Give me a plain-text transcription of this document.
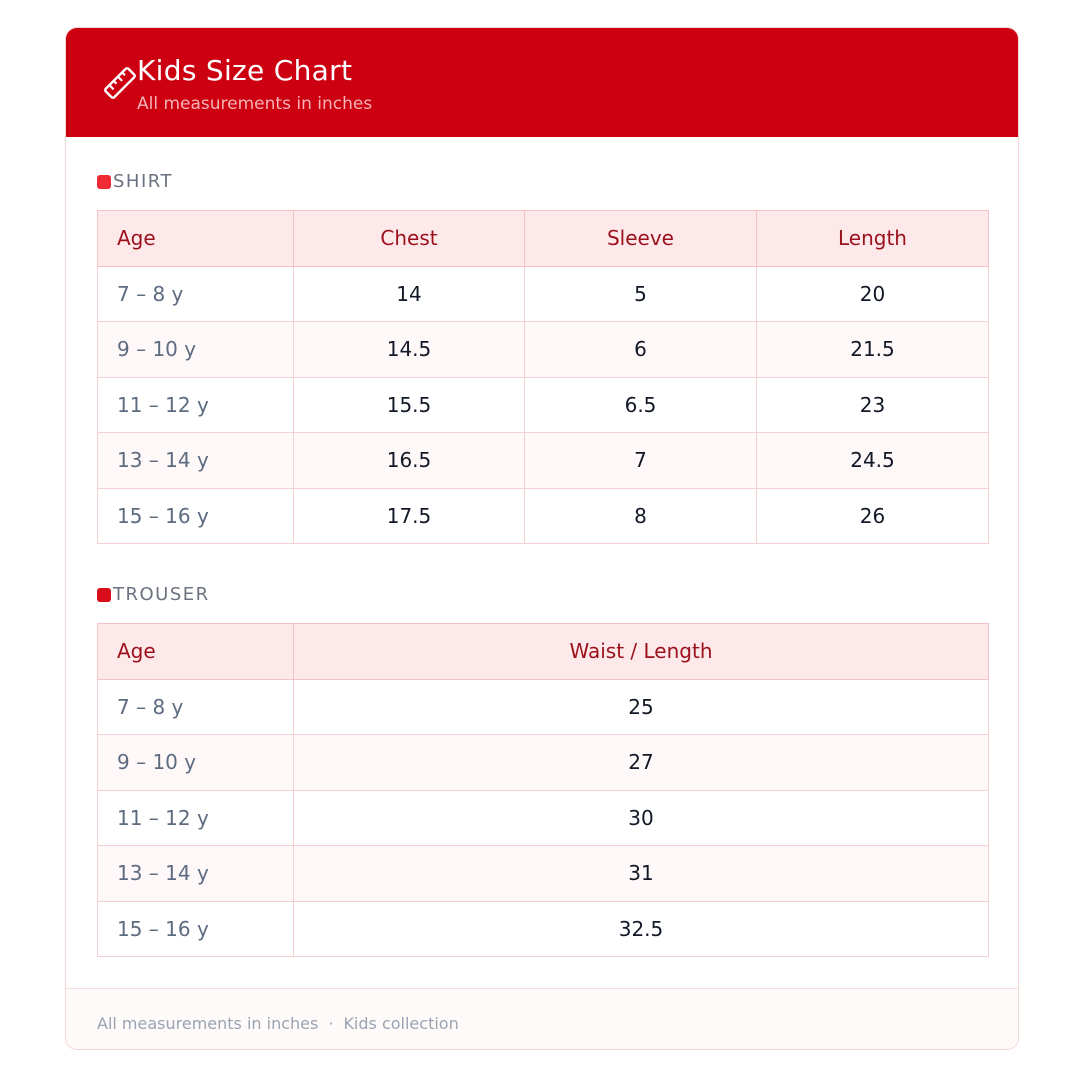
Kids Size Chart
All measurements in inches
SHIRT
Age	Chest	Sleeve	Length
7 – 8 y	14	5	20
9 – 10 y	14.5	6	21.5
11 – 12 y	15.5	6.5	23
13 – 14 y	16.5	7	24.5
15 – 16 y	17.5	8	26
TROUSER
Age	Waist / Length
7 – 8 y	25
9 – 10 y	27
11 – 12 y	30
13 – 14 y	31
15 – 16 y	32.5
All measurements in inches · Kids collection
